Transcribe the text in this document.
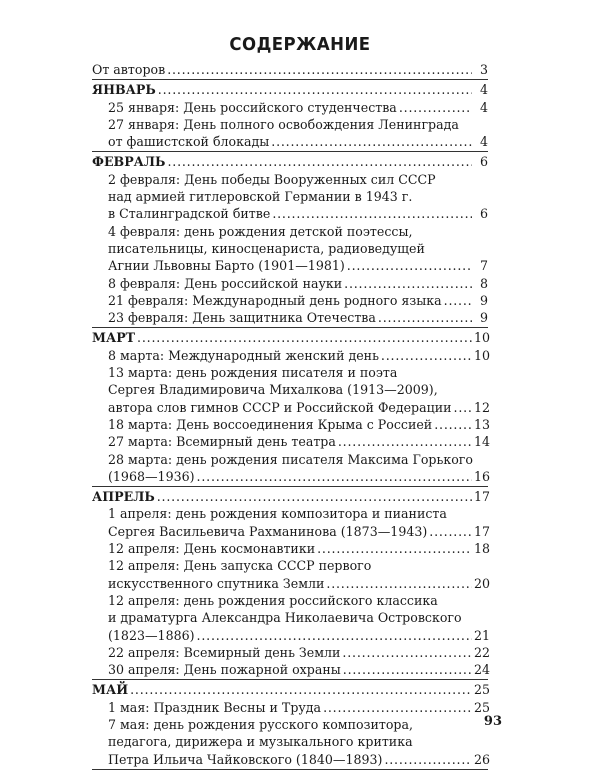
СОДЕРЖАНИЕ
От авторов . . .	3
ЯНВАРЬ . . .	4
25 января: День российского студенчества . . .	4
27 января: День полного освобождения Ленинграда
от фашистской блокады . . .	4
ФЕВРАЛЬ . . .	6
2 февраля: День победы Вооруженных сил СССР
над армией гитлеровской Германии в 1943 г.
в Сталинградской битве . . .	6
4 февраля: день рождения детской поэтессы,
писательницы, киносценариста, радиоведущей
Агнии Львовны Барто (1901—1981) . . .	7
8 февраля: День российской науки . . .	8
21 февраля: Международный день родного языка . . .	9
23 февраля: День защитника Отечества . . .	9
МАРТ . . .	10
8 марта: Международный женский день . . .	10
13 марта: день рождения писателя и поэта
Сергея Владимировича Михалкова (1913—2009),
автора слов гимнов СССР и Российской Федерации . . . 12
18 марта: День воссоединения Крыма с Россией . . .	13
27 марта: Всемирный день театра . . .	14
28 марта: день рождения писателя Максима Горького
(1968—1936) . . .	16
АПРЕЛЬ . . .	17
1 апреля: день рождения композитора и пианиста
Сергея Васильевича Рахманинова (1873—1943) . . .	17
12 апреля: День космонавтики . . .	18
12 апреля: День запуска СССР первого
искусственного спутника Земли . . .	20
12 апреля: день рождения российского классика
и драматурга Александра Николаевича Островского
(1823—1886) . . .	21
22 апреля: Всемирный день Земли . . .	22
30 апреля: День пожарной охраны . . .	24
МАЙ . . .	25
1 мая: Праздник Весны и Труда . . .	25
7 мая: день рождения русского композитора,
педагога, дирижера и музыкального критика
Петра Ильича Чайковского (1840—1893) . . .	26
93
